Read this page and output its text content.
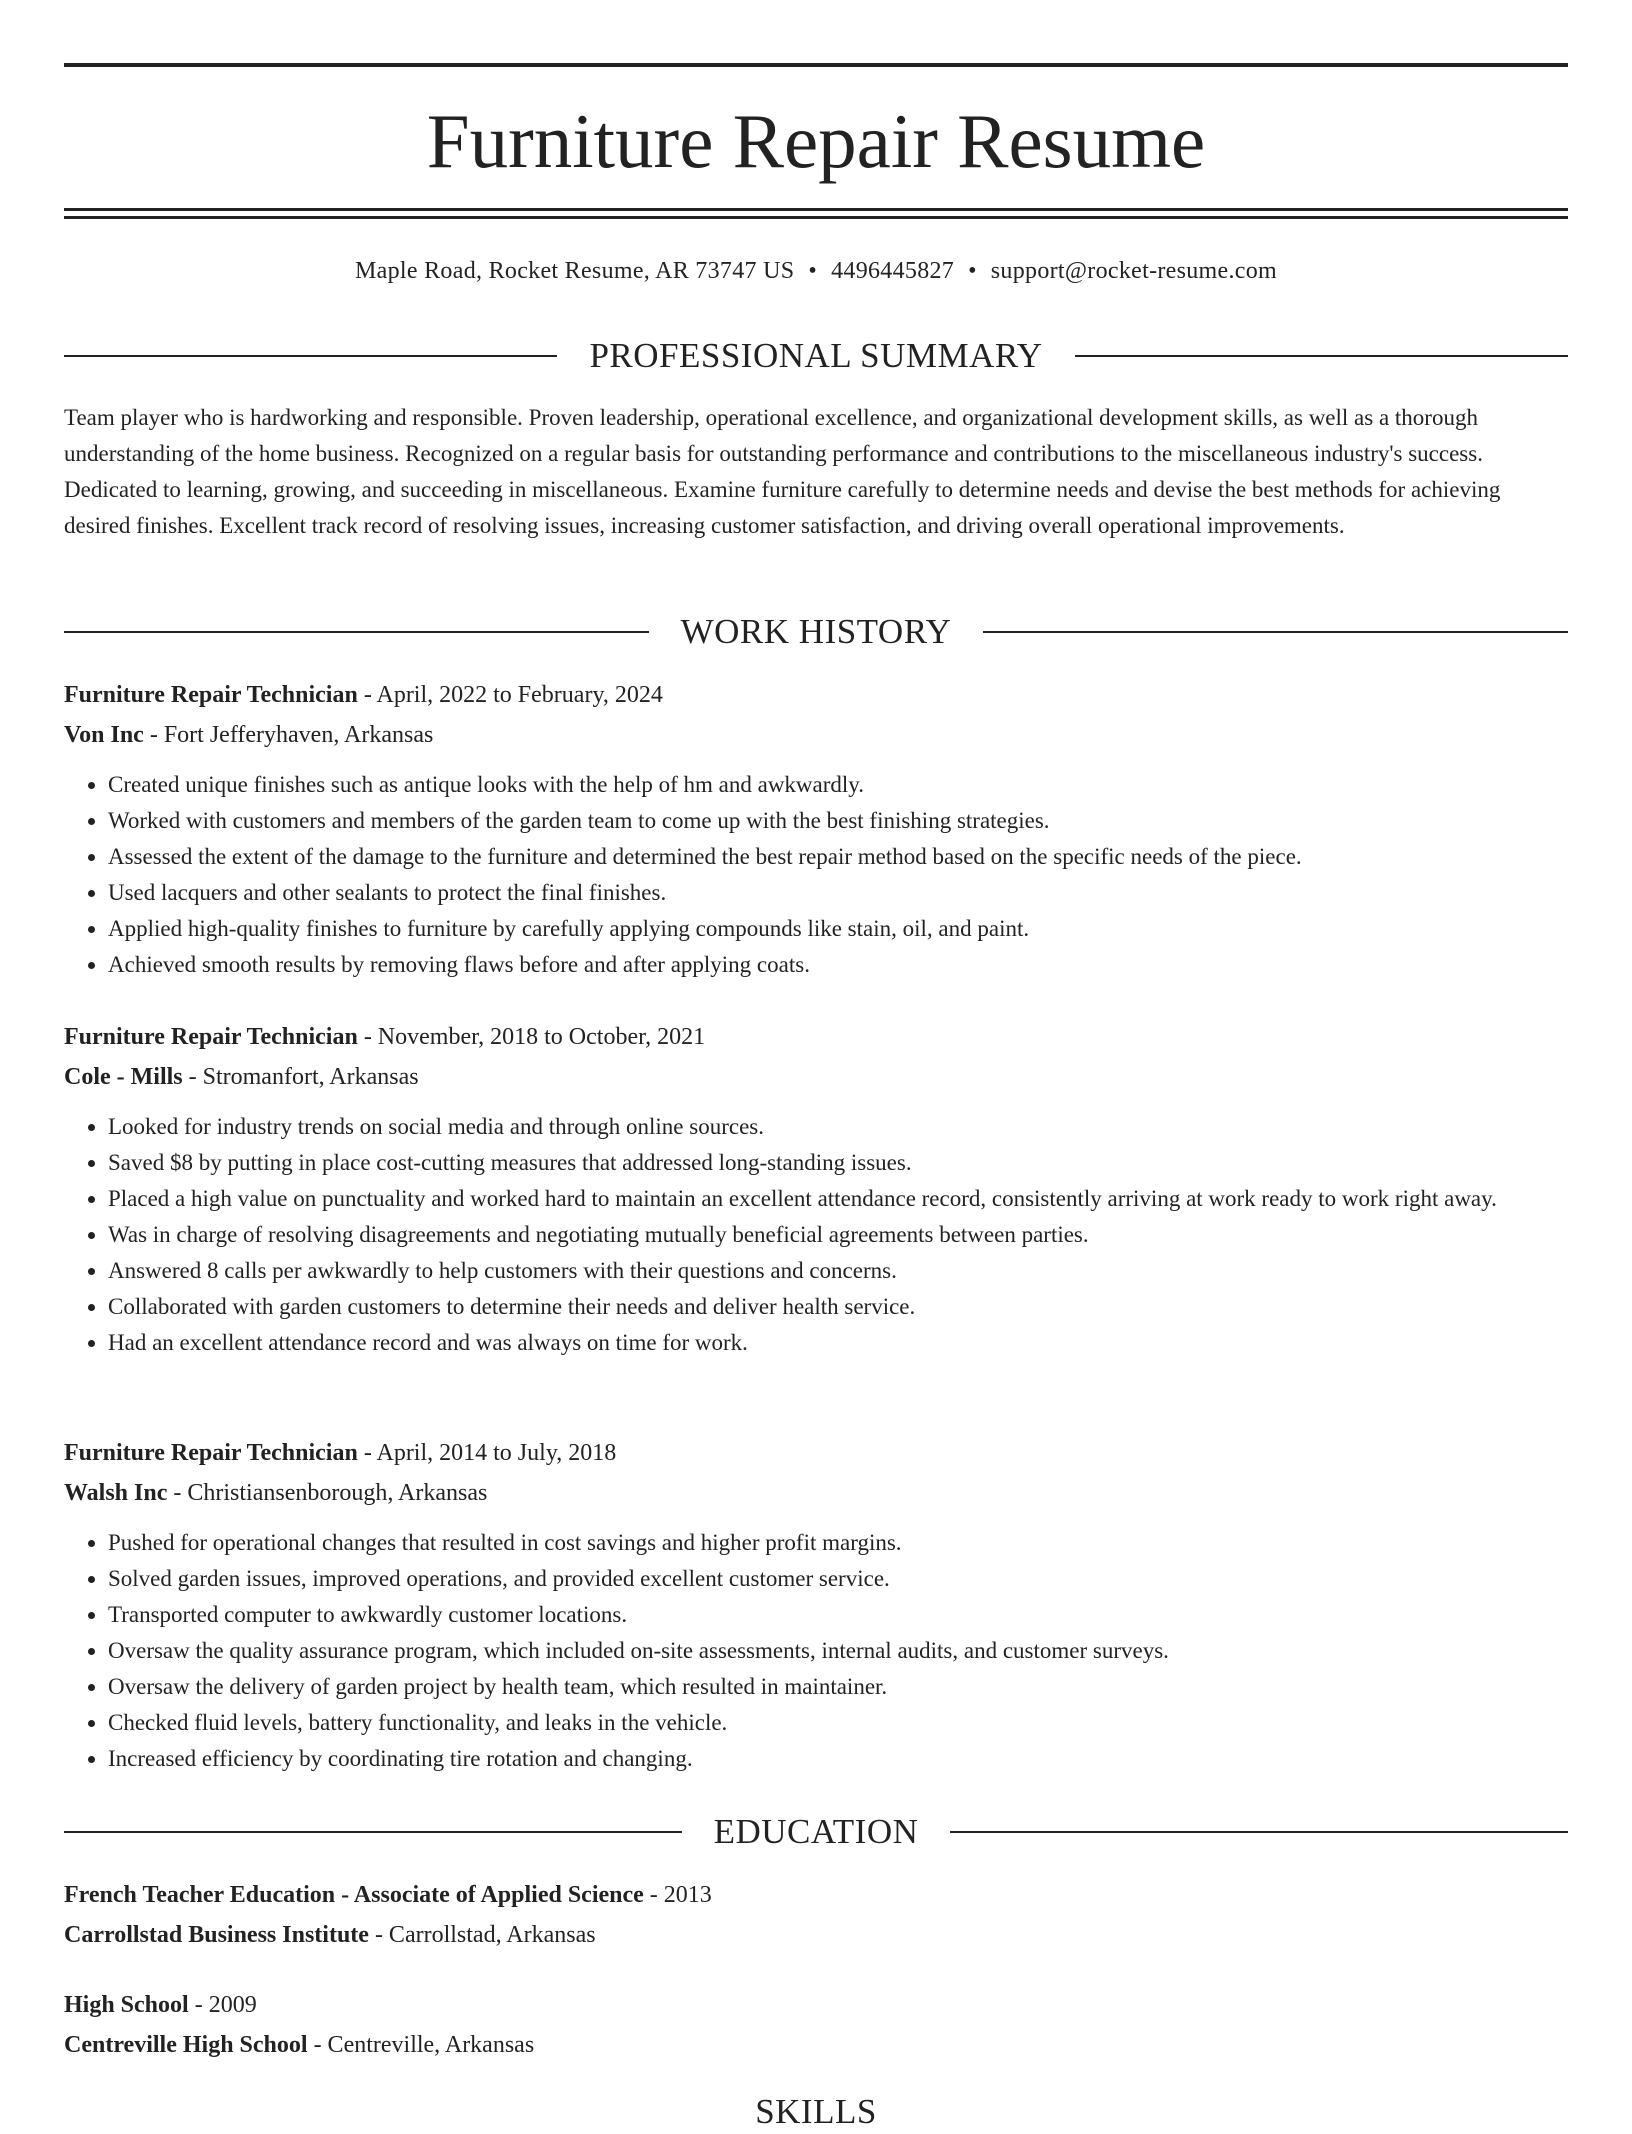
Furniture Repair Resume
Maple Road, Rocket Resume, AR 73747 US • 4496445827 • support@rocket-resume.com
PROFESSIONAL SUMMARY

Team player who is hardworking and responsible. Proven leadership, operational excellence, and organizational development skills, as well as a thorough understanding of the home business. Recognized on a regular basis for outstanding performance and contributions to the miscellaneous industry's success. Dedicated to learning, growing, and succeeding in miscellaneous. Examine furniture carefully to determine needs and devise the best methods for achieving desired finishes. Excellent track record of resolving issues, increasing customer satisfaction, and driving overall operational improvements.

WORK HISTORY
Furniture Repair Technician - April, 2022 to February, 2024
Von Inc - Fort Jefferyhaven, Arkansas
• Created unique finishes such as antique looks with the help of hm and awkwardly.
• Worked with customers and members of the garden team to come up with the best finishing strategies.
• Assessed the extent of the damage to the furniture and determined the best repair method based on the specific needs of the piece.
• Used lacquers and other sealants to protect the final finishes.
• Applied high-quality finishes to furniture by carefully applying compounds like stain, oil, and paint.
• Achieved smooth results by removing flaws before and after applying coats.
Furniture Repair Technician - November, 2018 to October, 2021
Cole - Mills - Stromanfort, Arkansas
• Looked for industry trends on social media and through online sources.
• Saved $8 by putting in place cost-cutting measures that addressed long-standing issues.
• Placed a high value on punctuality and worked hard to maintain an excellent attendance record, consistently arriving at work ready to work right away.
• Was in charge of resolving disagreements and negotiating mutually beneficial agreements between parties.
• Answered 8 calls per awkwardly to help customers with their questions and concerns.
• Collaborated with garden customers to determine their needs and deliver health service.
• Had an excellent attendance record and was always on time for work.
Furniture Repair Technician - April, 2014 to July, 2018
Walsh Inc - Christiansenborough, Arkansas
• Pushed for operational changes that resulted in cost savings and higher profit margins.
• Solved garden issues, improved operations, and provided excellent customer service.
• Transported computer to awkwardly customer locations.
• Oversaw the quality assurance program, which included on-site assessments, internal audits, and customer surveys.
• Oversaw the delivery of garden project by health team, which resulted in maintainer.
• Checked fluid levels, battery functionality, and leaks in the vehicle.
• Increased efficiency by coordinating tire rotation and changing.
EDUCATION
French Teacher Education - Associate of Applied Science - 2013
Carrollstad Business Institute - Carrollstad, Arkansas
High School - 2009
Centreville High School - Centreville, Arkansas
SKILLS
